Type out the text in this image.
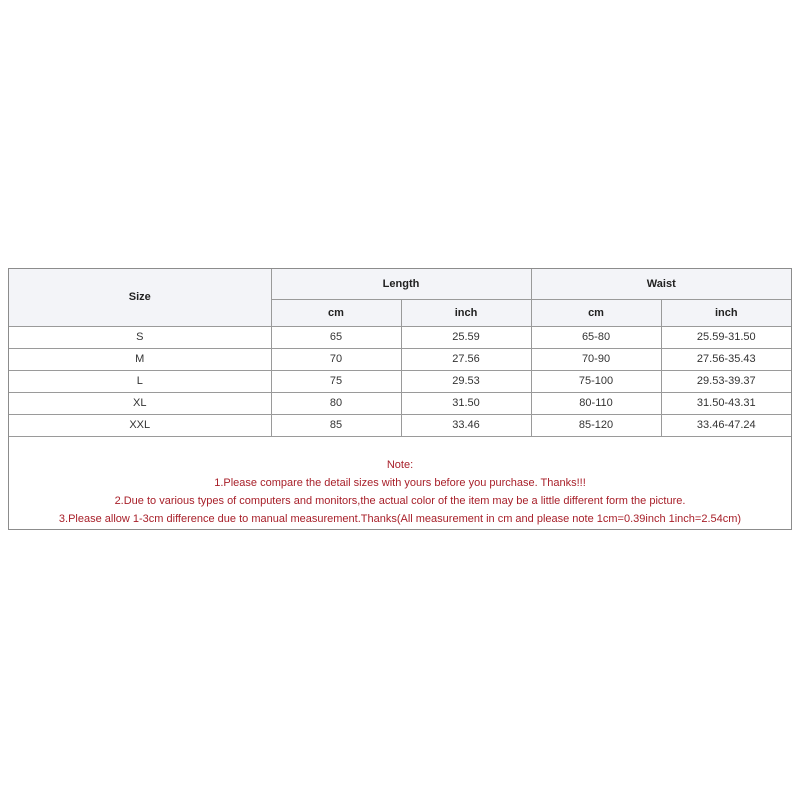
Size	Length		Waist	
	cm	inch	cm	inch
S	65	25.59	65-80	25.59-31.50
M	70	27.56	70-90	27.56-35.43
L	75	29.53	75-100	29.53-39.37
XL	80	31.50	80-110	31.50-43.31
XXL	85	33.46	85-120	33.46-47.24
Note:
1.Please compare the detail sizes with yours before you purchase. Thanks!!!
2.Due to various types of computers and monitors,the actual color of the item may be a little different form the picture.
3.Please allow 1-3cm difference due to manual measurement.Thanks(All measurement in cm and please note 1cm=0.39inch 1inch=2.54cm)
